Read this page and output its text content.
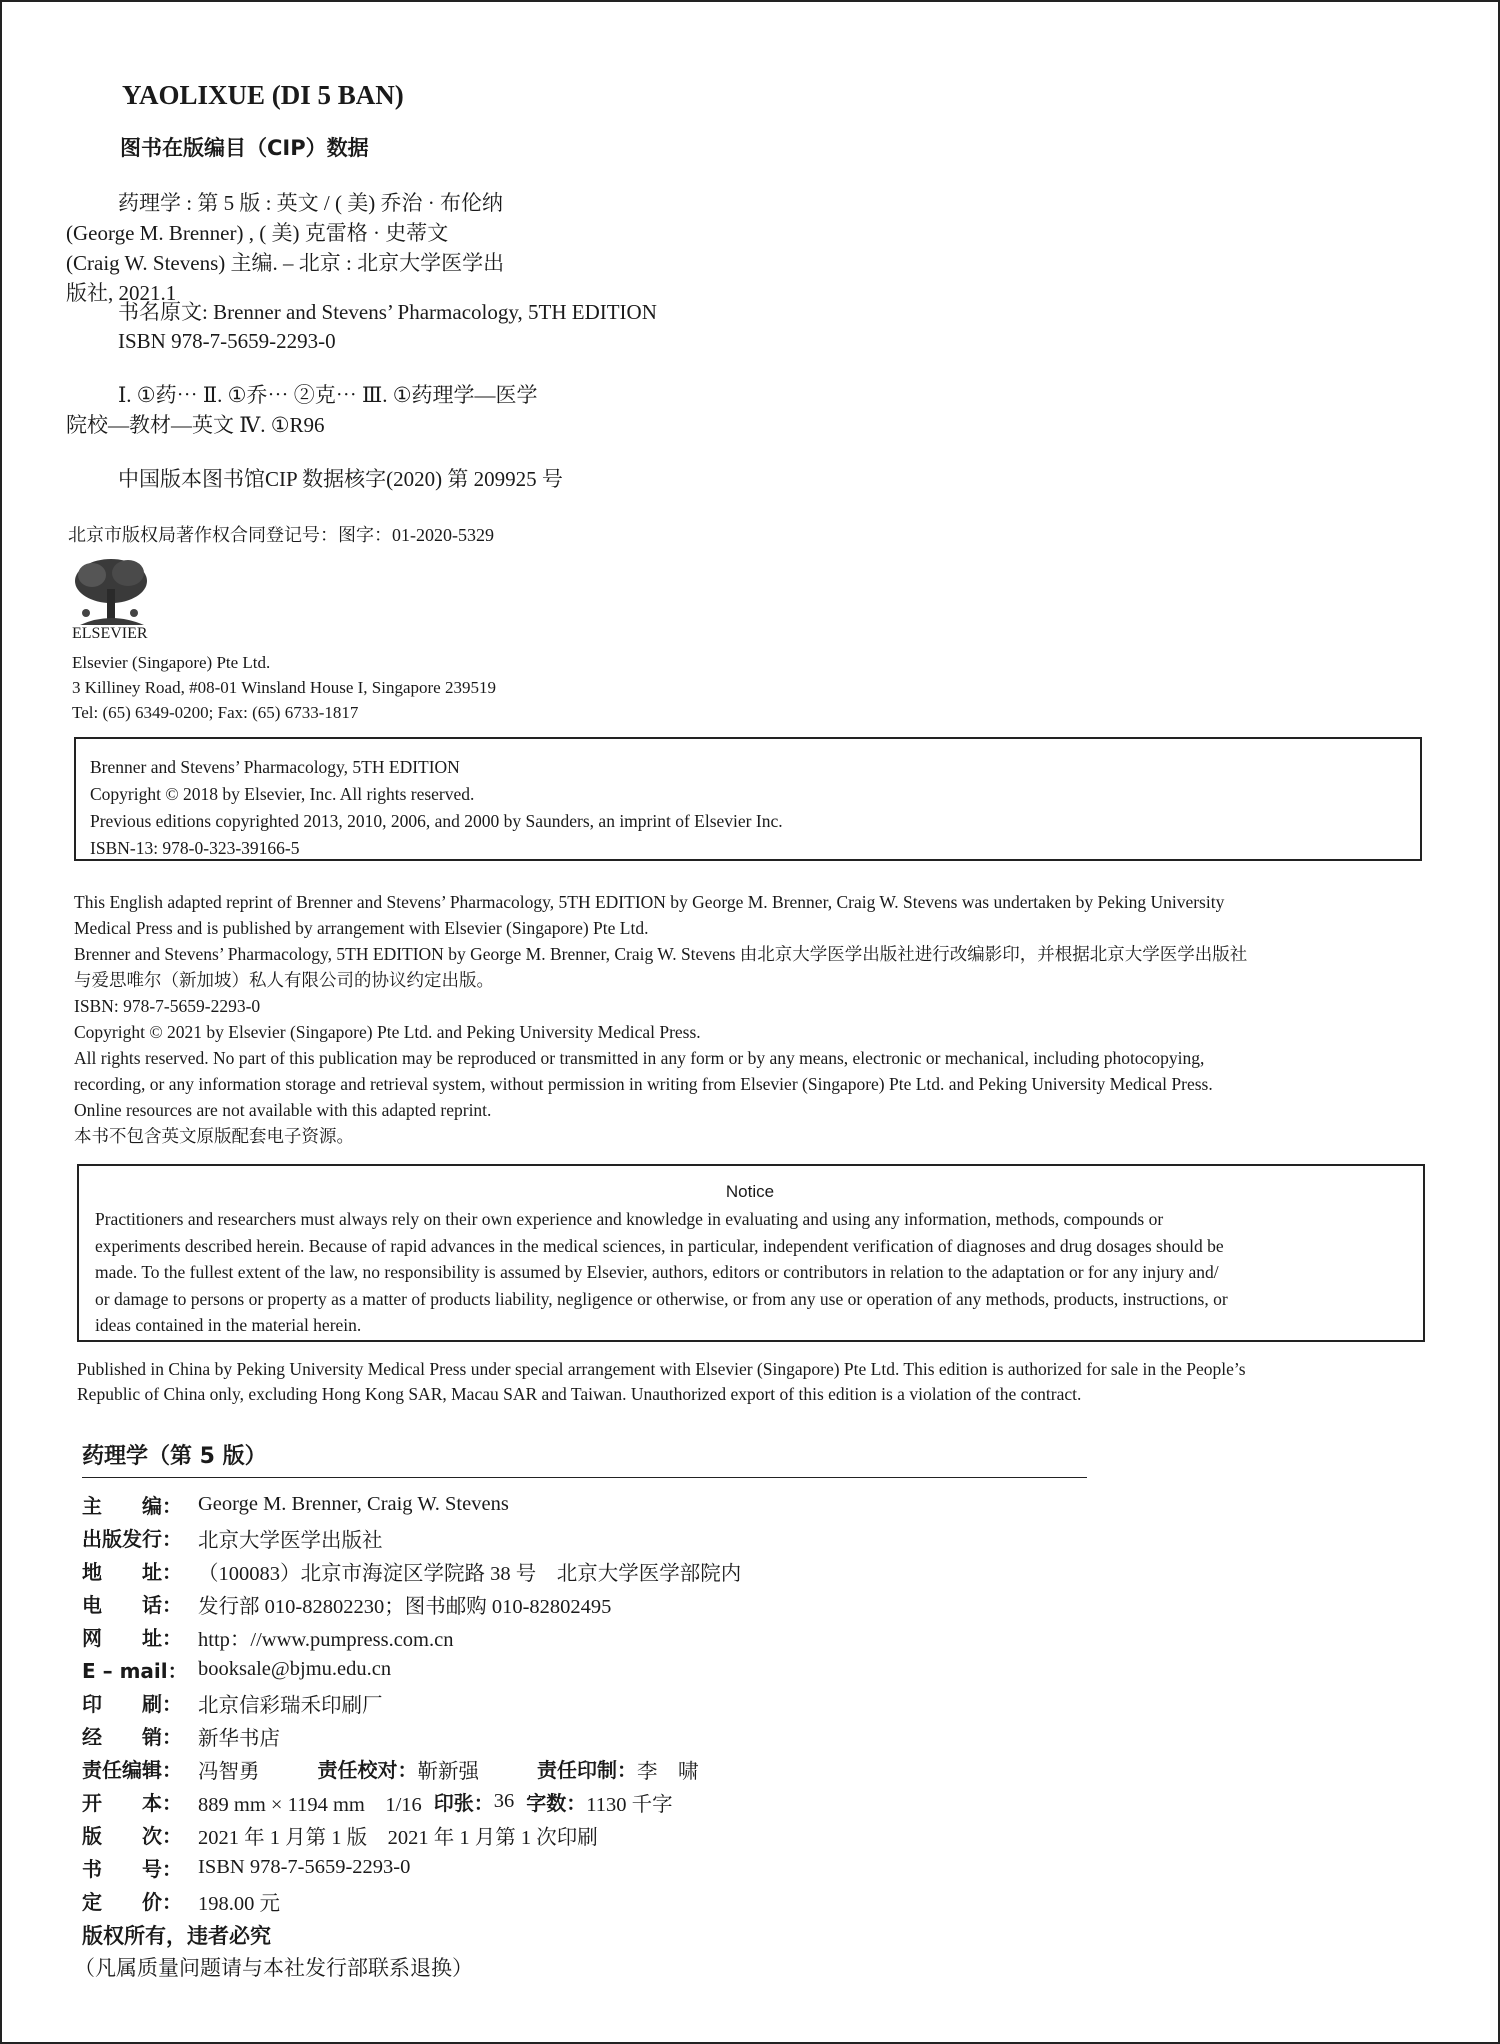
YAOLIXUE (DI 5 BAN)
图书在版编目（CIP）数据
药理学 : 第 5 版 : 英文 / ( 美) 乔治 · 布伦纳
(George M. Brenner) , ( 美) 克雷格 · 史蒂文
(Craig W. Stevens) 主编. – 北京 : 北京大学医学出
版社, 2021.1
书名原文: Brenner and Stevens’ Pharmacology, 5TH EDITION
ISBN 978-7-5659-2293-0
Ⅰ. ①药⋯ Ⅱ. ①乔⋯ ②克⋯ Ⅲ. ①药理学—医学
院校—教材—英文 Ⅳ. ①R96
中国版本图书馆CIP 数据核字(2020) 第 209925 号
北京市版权局著作权合同登记号：图字：01-2020-5329
ELSEVIER
Elsevier (Singapore) Pte Ltd.
3 Killiney Road, #08-01 Winsland House I, Singapore 239519
Tel: (65) 6349-0200; Fax: (65) 6733-1817
Brenner and Stevens’ Pharmacology, 5TH EDITION
Copyright © 2018 by Elsevier, Inc. All rights reserved.
Previous editions copyrighted 2013, 2010, 2006, and 2000 by Saunders, an imprint of Elsevier Inc.
ISBN-13: 978-0-323-39166-5
This English adapted reprint of Brenner and Stevens’ Pharmacology, 5TH EDITION by George M. Brenner, Craig W. Stevens was undertaken by Peking University
Medical Press and is published by arrangement with Elsevier (Singapore) Pte Ltd.
Brenner and Stevens’ Pharmacology, 5TH EDITION by George M. Brenner, Craig W. Stevens 由北京大学医学出版社进行改编影印，并根据北京大学医学出版社
与爱思唯尔（新加坡）私人有限公司的协议约定出版。
ISBN: 978-7-5659-2293-0
Copyright © 2021 by Elsevier (Singapore) Pte Ltd. and Peking University Medical Press.
All rights reserved. No part of this publication may be reproduced or transmitted in any form or by any means, electronic or mechanical, including photocopying,
recording, or any information storage and retrieval system, without permission in writing from Elsevier (Singapore) Pte Ltd. and Peking University Medical Press.
Online resources are not available with this adapted reprint.
本书不包含英文原版配套电子资源。
Notice
Practitioners and researchers must always rely on their own experience and knowledge in evaluating and using any information, methods, compounds or
experiments described herein. Because of rapid advances in the medical sciences, in particular, independent verification of diagnoses and drug dosages should be
made. To the fullest extent of the law, no responsibility is assumed by Elsevier, authors, editors or contributors in relation to the adaptation or for any injury and/
or damage to persons or property as a matter of products liability, negligence or otherwise, or from any use or operation of any methods, products, instructions, or
ideas contained in the material herein.
Published in China by Peking University Medical Press under special arrangement with Elsevier (Singapore) Pte Ltd. This edition is authorized for sale in the People’s
Republic of China only, excluding Hong Kong SAR, Macau SAR and Taiwan. Unauthorized export of this edition is a violation of the contract.
药理学（第 5 版）
主　　编： George M. Brenner, Craig W. Stevens
出版发行： 北京大学医学出版社
地　　址： （100083）北京市海淀区学院路 38 号　北京大学医学部院内
电　　话： 发行部 010-82802230；图书邮购 010-82802495
网　　址： http：//www.pumpress.com.cn
E – mail： booksale@bjmu.edu.cn
印　　刷： 北京信彩瑞禾印刷厂
经　　销： 新华书店
责任编辑： 冯智勇	责任校对： 靳新强	责任印制： 李　啸
开　　本： 889 mm × 1194 mm　1/16 印张： 36 字数： 1130 千字
版　　次： 2021 年 1 月第 1 版　2021 年 1 月第 1 次印刷
书　　号： ISBN 978-7-5659-2293-0
定　　价： 198.00 元
版权所有，违者必究
（凡属质量问题请与本社发行部联系退换）
